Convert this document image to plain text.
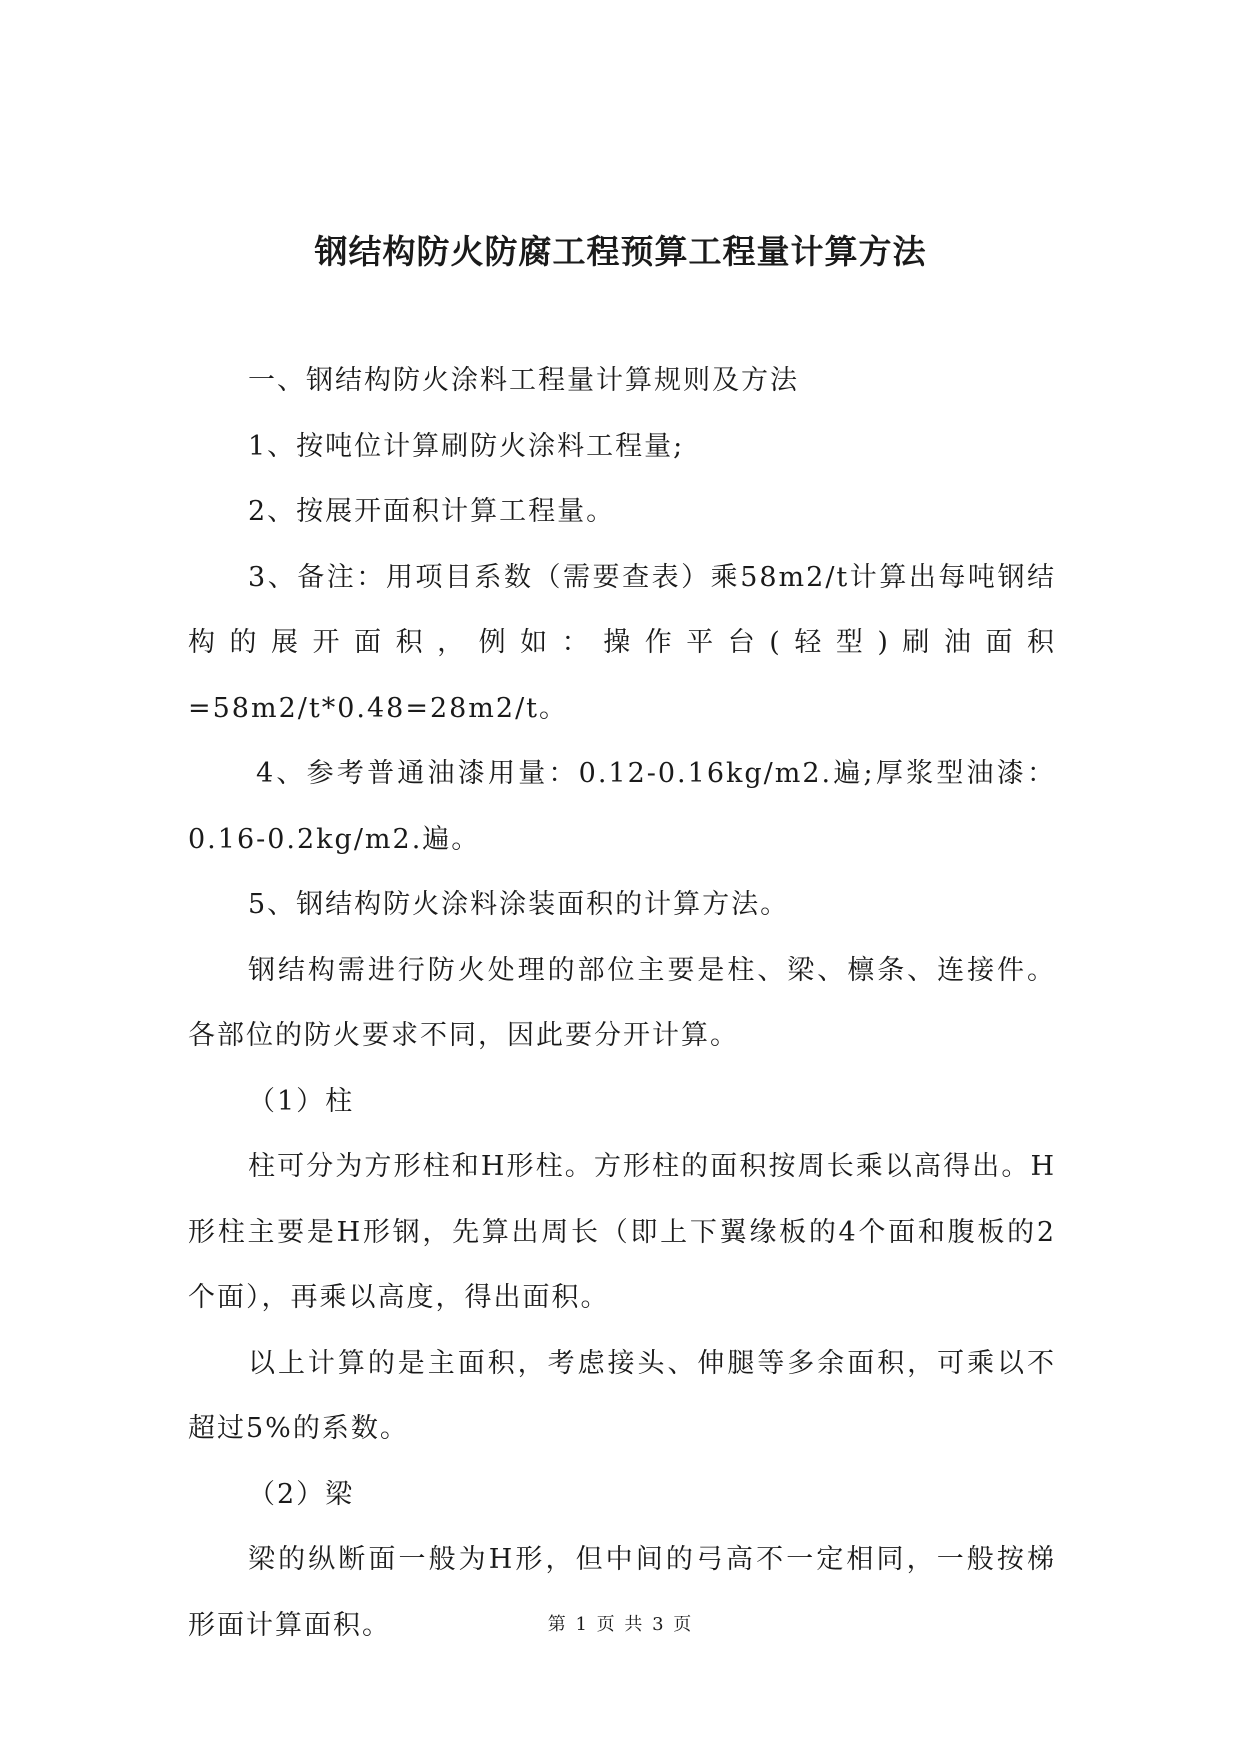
钢结构防火防腐工程预算工程量计算方法

一、钢结构防火涂料工程量计算规则及方法

1、按吨位计算刷防火涂料工程量;

2、按展开面积计算工程量。

3、备注：用项目系数（需要查表）乘58m2/t计算出每吨钢结构的展开面积，例如：操作平台(轻型)刷油面积=58m2/t*0.48=28m2/t。

4、参考普通油漆用量：0.12-0.16kg/m2.遍;厚浆型油漆：0.16-0.2kg/m2.遍。

5、钢结构防火涂料涂装面积的计算方法。

钢结构需进行防火处理的部位主要是柱、梁、檩条、连接件。各部位的防火要求不同，因此要分开计算。

（1）柱

柱可分为方形柱和H形柱。方形柱的面积按周长乘以高得出。H形柱主要是H形钢，先算出周长（即上下翼缘板的4个面和腹板的2个面），再乘以高度，得出面积。

以上计算的是主面积，考虑接头、伸腿等多余面积，可乘以不超过5%的系数。

（2）梁

梁的纵断面一般为H形，但中间的弓高不一定相同，一般按梯形面计算面积。	第 1 页 共 3 页
